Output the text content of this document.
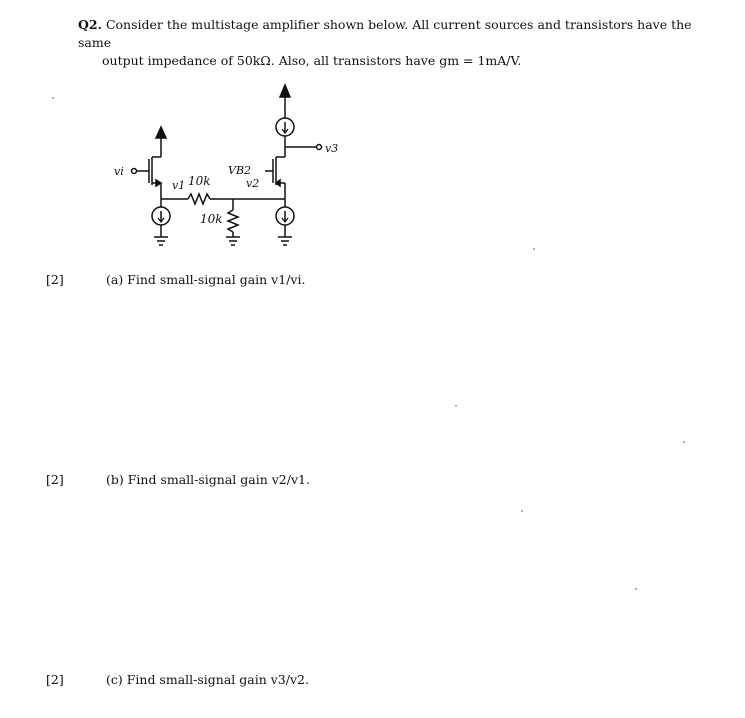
Q2. Consider the multistage amplifier shown below. All current sources and transistors have the same
output impedance of 50kΩ. Also, all transistors have gm = 1mA/V.
vi
v1 10k
VB2
v2
10k
v3
[2]	(a) Find small-signal gain v1/vi.
[2]	(b) Find small-signal gain v2/v1.
[2]	(c) Find small-signal gain v3/v2.
